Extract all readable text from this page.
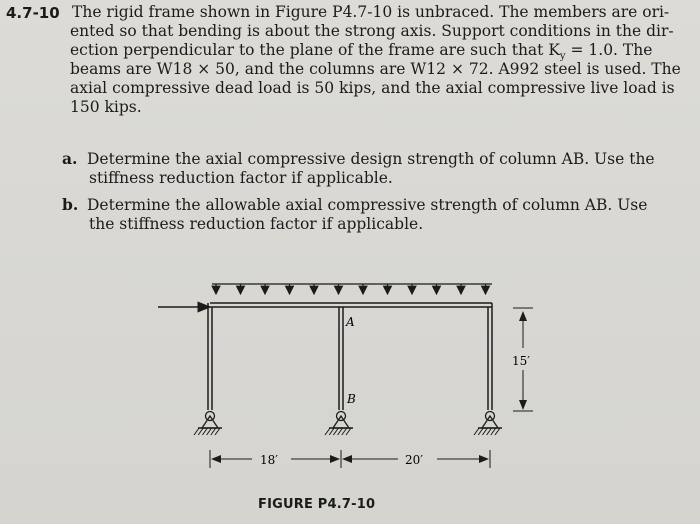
4.7-10 The rigid frame shown in Figure P4.7-10 is unbraced. The members are ori-
ented so that bending is about the strong axis. Support conditions in the dir-
ection perpendicular to the plane of the frame are such that $K_y = 1.0$. The
beams are W18 × 50, and the columns are W12 × 72. A992 steel is used. The
axial compressive dead load is 50 kips, and the axial compressive live load is
150 kips.
a. Determine the axial compressive design strength of column AB. Use the
stiffness reduction factor if applicable.
b. Determine the allowable axial compressive strength of column AB. Use
the stiffness reduction factor if applicable.
A
B
15′
18′	20′
FIGURE P4.7-10
